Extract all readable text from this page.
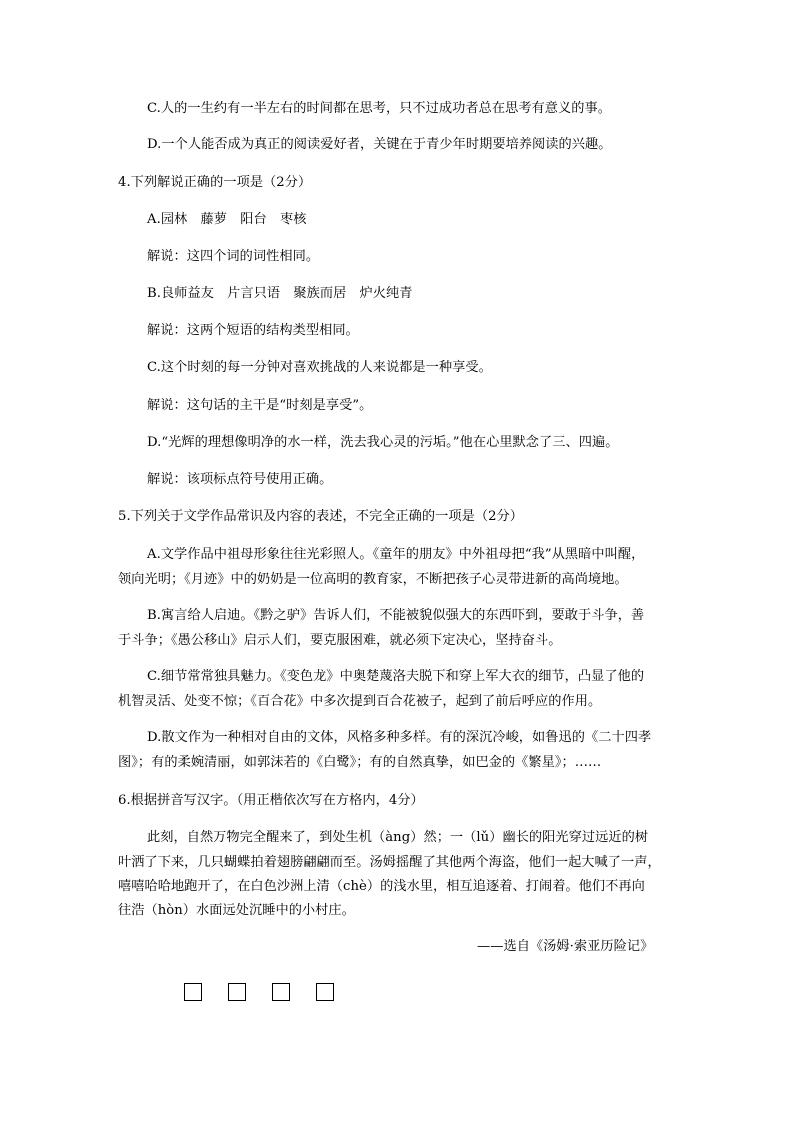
C.人的一生约有一半左右的时间都在思考，只不过成功者总在思考有意义的事。
D.一个人能否成为真正的阅读爱好者，关键在于青少年时期要培养阅读的兴趣。
4.下列解说正确的一项是（2分）
A.园林　藤萝　阳台　枣核
解说：这四个词的词性相同。
B.良师益友　片言只语　聚族而居　炉火纯青
解说：这两个短语的结构类型相同。
C.这个时刻的每一分钟对喜欢挑战的人来说都是一种享受。
解说：这句话的主干是“时刻是享受”。
D.“光辉的理想像明净的水一样，洗去我心灵的污垢。”他在心里默念了三、四遍。
解说：该项标点符号使用正确。
5.下列关于文学作品常识及内容的表述，不完全正确的一项是（2分）
A.文学作品中祖母形象往往光彩照人。《童年的朋友》中外祖母把“我”从黑暗中叫醒，
领向光明；《月迹》中的奶奶是一位高明的教育家，不断把孩子心灵带进新的高尚境地。
B.寓言给人启迪。《黔之驴》告诉人们，不能被貌似强大的东西吓到，要敢于斗争，善
于斗争；《愚公移山》启示人们，要克服困难，就必须下定决心，坚持奋斗。
C.细节常常独具魅力。《变色龙》中奥楚蔑洛夫脱下和穿上军大衣的细节，凸显了他的
机智灵活、处变不惊；《百合花》中多次提到百合花被子，起到了前后呼应的作用。
D.散文作为一种相对自由的文体，风格多种多样。有的深沉冷峻，如鲁迅的《二十四孝
图》；有的柔婉清丽，如郭沫若的《白鹭》；有的自然真挚，如巴金的《繁星》；……
6.根据拼音写汉字。（用正楷依次写在方格内，4分）
此刻，自然万物完全醒来了，到处生机（àng）然；一（lǔ）幽长的阳光穿过远近的树
叶洒了下来，几只蝴蝶拍着翅膀翩翩而至。汤姆摇醒了其他两个海盗，他们一起大喊了一声，
嘻嘻哈哈地跑开了，在白色沙洲上清（chè）的浅水里，相互追逐着、打闹着。他们不再向
往浩（hòn）水面远处沉睡中的小村庄。
——选自《汤姆·索亚历险记》
